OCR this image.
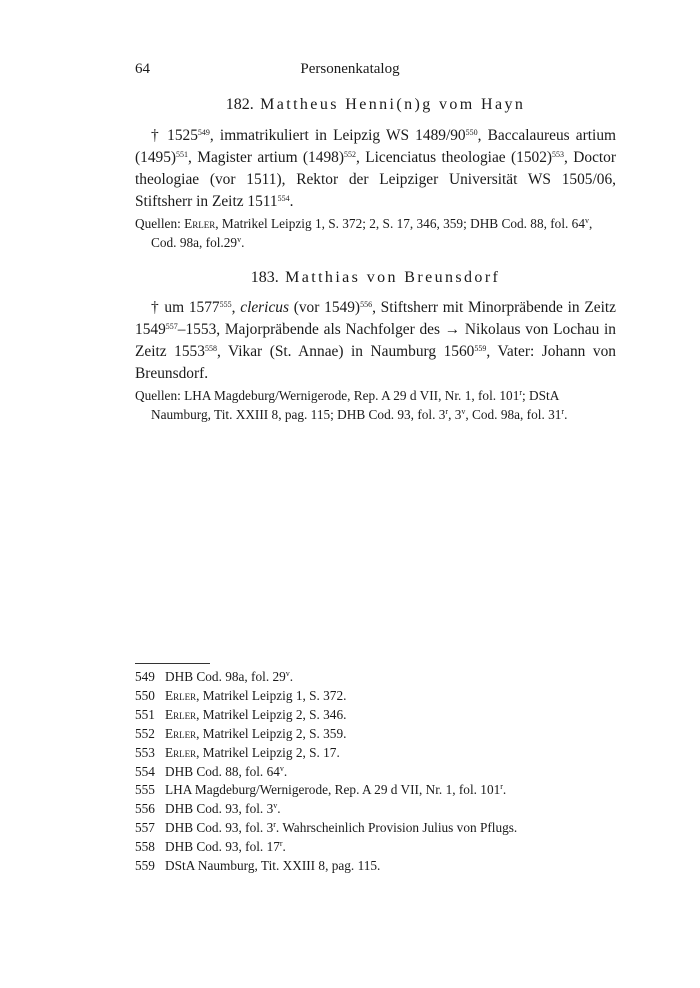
64	Personenkatalog
182. Mattheus Henni(n)g vom Hayn

† 1525$^{549}$, immatrikuliert in Leipzig WS $1489/90^{550}$, Baccalaureus artium $(1495)^{551}$, Magister artium $(1498)^{552}$, Licenciatus theologiae $(1502)^{553}$, Doctor theologiae (vor 1511), Rektor der Leipziger Universität WS 1505/06, Stiftsherr in Zeitz 1511$^{554}$.

Quellen: Erler, Matrikel Leipzig 1, S. 372; 2, S. 17, 346, 359; DHB Cod. 88, fol. 64$^v$,
Cod. 98a, fol.29$^v$.
183. Matthias von Breunsdorf

† um 1577$^{555}$, clericus (vor 1549)$^{556}$, Stiftsherr mit Minorpräbende in Zeitz 1549$^{557}$–1553, Majorpräbende als Nachfolger des → Nikolaus von Lochau in Zeitz 1553$^{558}$, Vikar (St. Annae) in Naumburg 1560$^{559}$, Vater: Johann von Breunsdorf.

Quellen: LHA Magdeburg/Wernigerode, Rep. A 29 d VII, Nr. 1, fol. 101$^r$; DStA
Naumburg, Tit. XXIII 8, pag. 115; DHB Cod. 93, fol. 3$^r$, 3$^v$, Cod. 98a, fol. 31$^r$.
549 DHB Cod. 98a, fol. 29$^v$.
550 Erler, Matrikel Leipzig 1, S. 372.
551 Erler, Matrikel Leipzig 2, S. 346.
552 Erler, Matrikel Leipzig 2, S. 359.
553 Erler, Matrikel Leipzig 2, S. 17.
554 DHB Cod. 88, fol. 64$^v$.
555 LHA Magdeburg/Wernigerode, Rep. A 29 d VII, Nr. 1, fol. 101$^r$.
556 DHB Cod. 93, fol. 3$^v$.
557 DHB Cod. 93, fol. 3$^r$. Wahrscheinlich Provision Julius von Pflugs.
558 DHB Cod. 93, fol. 17$^r$.
559 DStA Naumburg, Tit. XXIII 8, pag. 115.
